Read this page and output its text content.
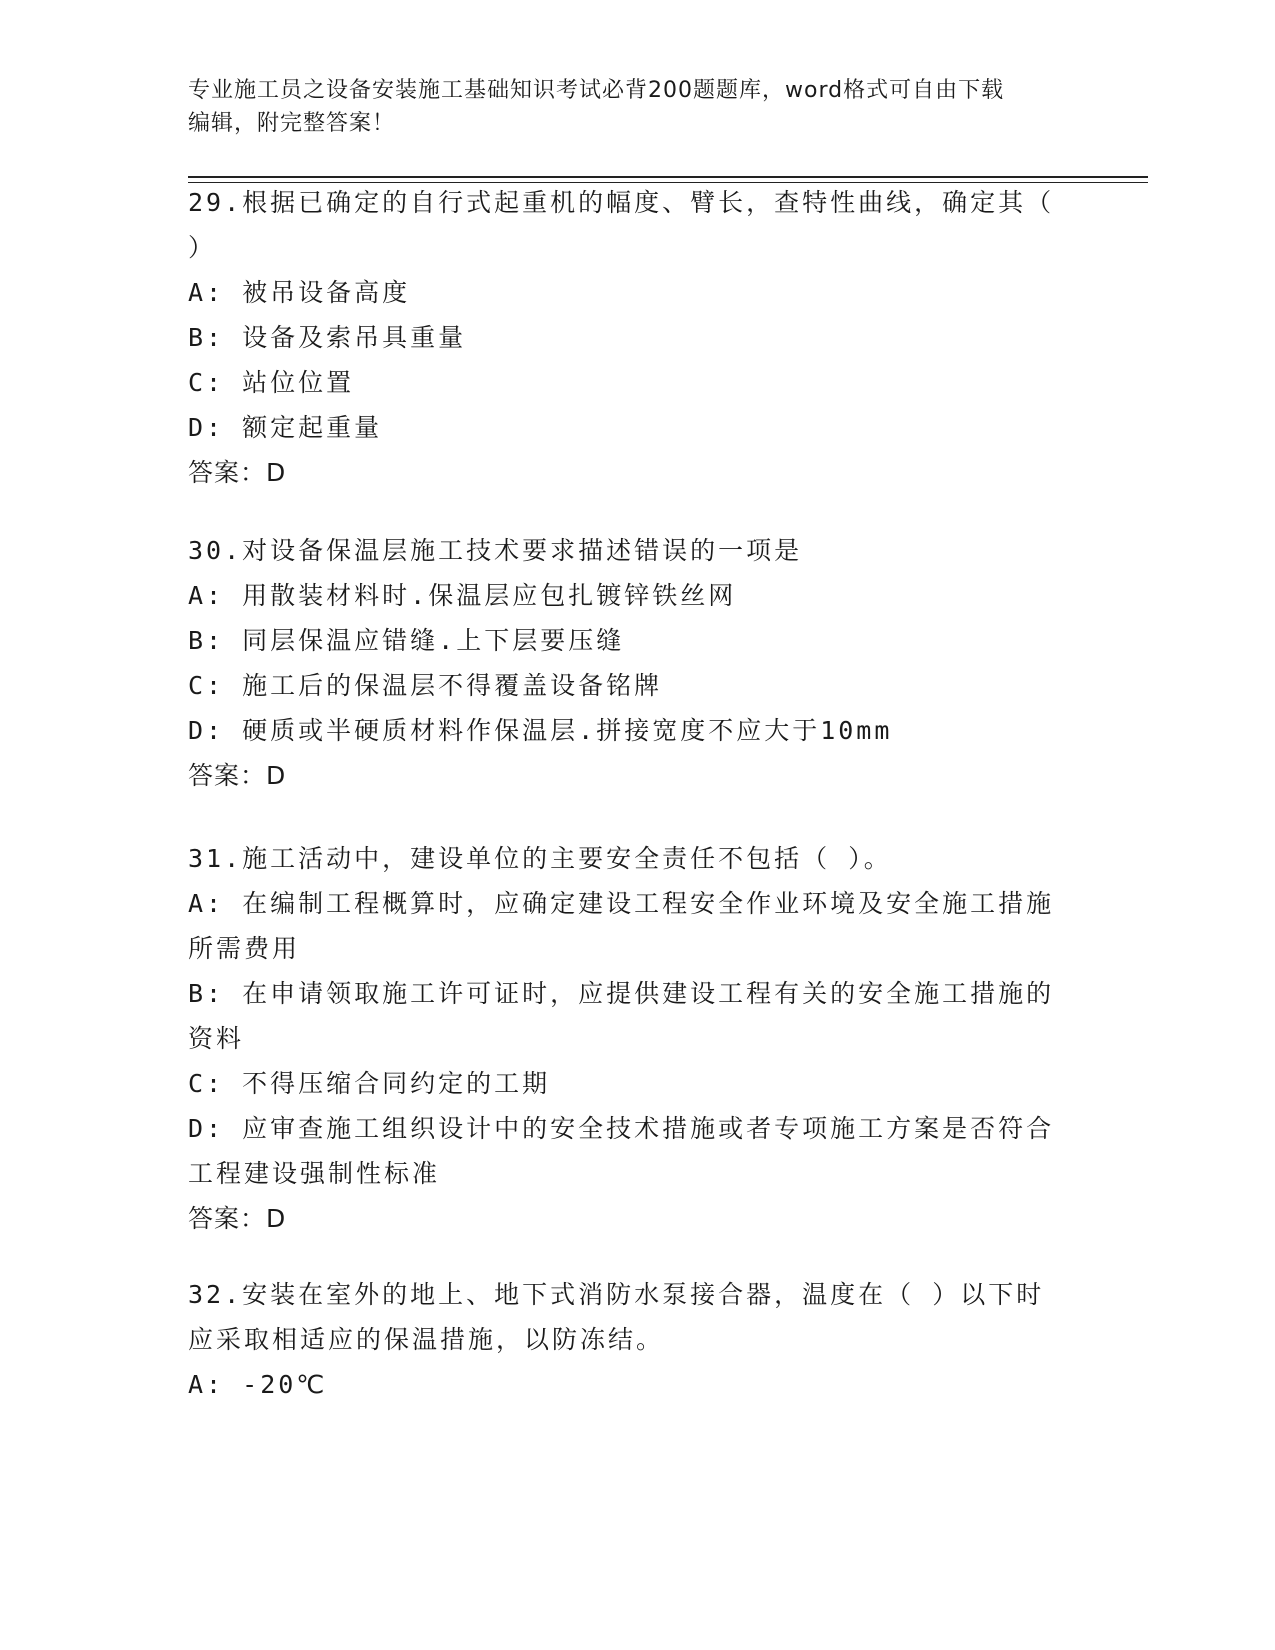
专业施工员之设备安装施工基础知识考试必背200题题库，word格式可自由下载
编辑，附完整答案！
29.根据已确定的自行式起重机的幅度、臂长，查特性曲线，确定其（
）
A: 被吊设备高度
B: 设备及索吊具重量
C: 站位位置
D: 额定起重量
答案：D
30.对设备保温层施工技术要求描述错误的一项是
A: 用散装材料时.保温层应包扎镀锌铁丝网
B: 同层保温应错缝.上下层要压缝
C: 施工后的保温层不得覆盖设备铭牌
D: 硬质或半硬质材料作保温层.拼接宽度不应大于10mm
答案：D
31.施工活动中，建设单位的主要安全责任不包括（ ）。
A: 在编制工程概算时，应确定建设工程安全作业环境及安全施工措施
所需费用
B: 在申请领取施工许可证时，应提供建设工程有关的安全施工措施的
资料
C: 不得压缩合同约定的工期
D: 应审查施工组织设计中的安全技术措施或者专项施工方案是否符合
工程建设强制性标准
答案：D
32.安装在室外的地上、地下式消防水泵接合器，温度在（ ）以下时
应采取相适应的保温措施，以防冻结。
A: -20℃
